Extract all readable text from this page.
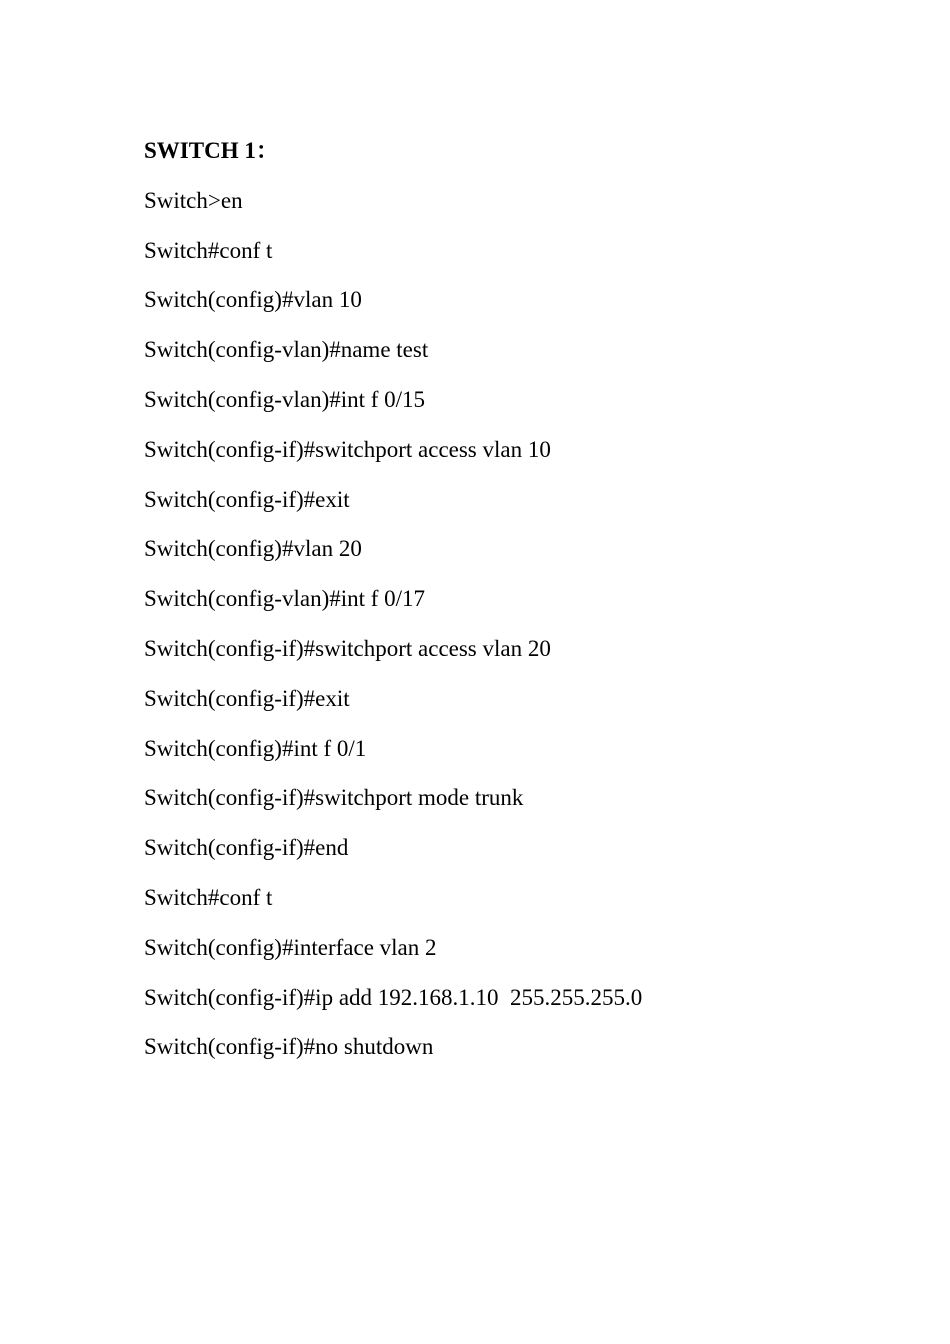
SWITCH 1：
Switch>en
Switch#conf t
Switch(config)#vlan 10
Switch(config-vlan)#name test
Switch(config-vlan)#int f 0/15
Switch(config-if)#switchport access vlan 10
Switch(config-if)#exit
Switch(config)#vlan 20
Switch(config-vlan)#int f 0/17
Switch(config-if)#switchport access vlan 20
Switch(config-if)#exit
Switch(config)#int f 0/1
Switch(config-if)#switchport mode trunk
Switch(config-if)#end
Switch#conf t
Switch(config)#interface vlan 2
Switch(config-if)#ip add 192.168.1.10  255.255.255.0
Switch(config-if)#no shutdown
